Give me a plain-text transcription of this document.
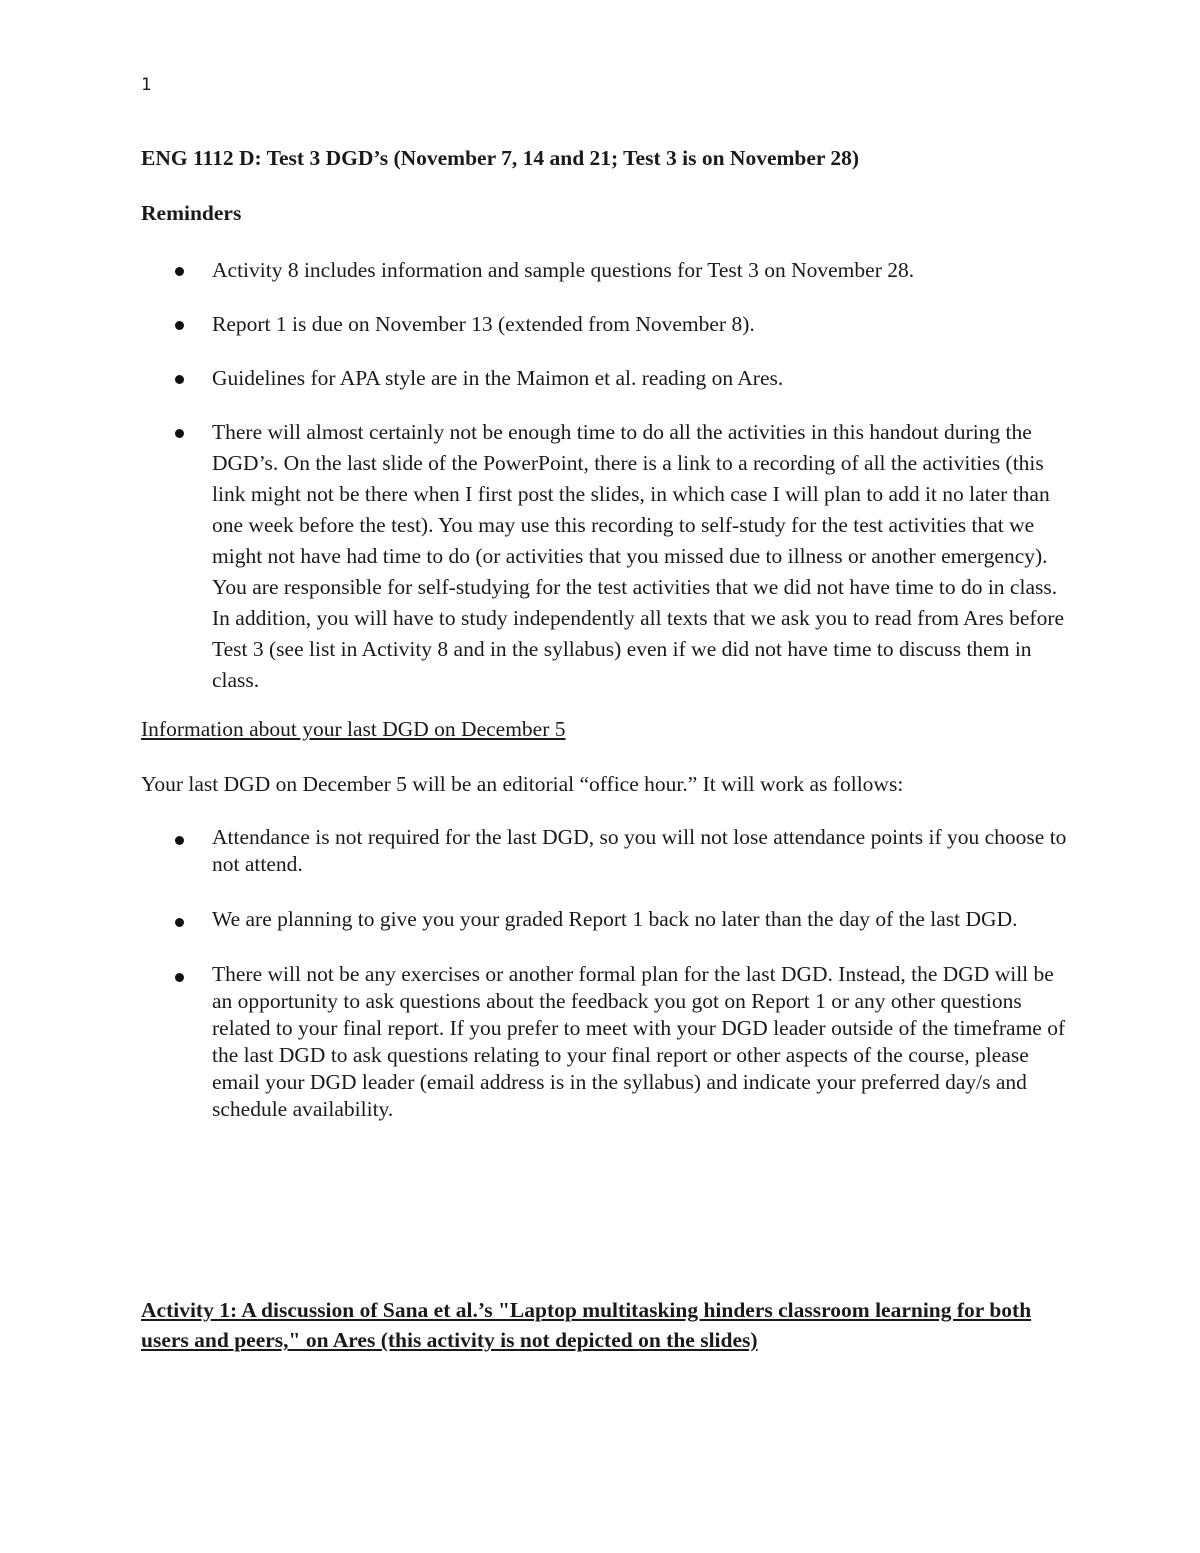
1

ENG 1112 D: Test 3 DGD’s (November 7, 14 and 21; Test 3 is on November 28)

Reminders

Activity 8 includes information and sample questions for Test 3 on November 28.
Report 1 is due on November 13 (extended from November 8).
Guidelines for APA style are in the Maimon et al. reading on Ares.
There will almost certainly not be enough time to do all the activities in this handout during the DGD’s. On the last slide of the PowerPoint, there is a link to a recording of all the activities (this link might not be there when I first post the slides, in which case I will plan to add it no later than one week before the test). You may use this recording to self-study for the test activities that we might not have had time to do (or activities that you missed due to illness or another emergency). You are responsible for self-studying for the test activities that we did not have time to do in class. In addition, you will have to study independently all texts that we ask you to read from Ares before Test 3 (see list in Activity 8 and in the syllabus) even if we did not have time to discuss them in class.

Information about your last DGD on December 5

Your last DGD on December 5 will be an editorial “office hour.” It will work as follows:

Attendance is not required for the last DGD, so you will not lose attendance points if you choose to not attend.
We are planning to give you your graded Report 1 back no later than the day of the last DGD.
There will not be any exercises or another formal plan for the last DGD. Instead, the DGD will be an opportunity to ask questions about the feedback you got on Report 1 or any other questions related to your final report. If you prefer to meet with your DGD leader outside of the timeframe of the last DGD to ask questions relating to your final report or other aspects of the course, please email your DGD leader (email address is in the syllabus) and indicate your preferred day/s and schedule availability.
Activity 1: A discussion of Sana et al.’s "Laptop multitasking hinders classroom learning for both users and peers," on Ares (this activity is not depicted on the slides)
